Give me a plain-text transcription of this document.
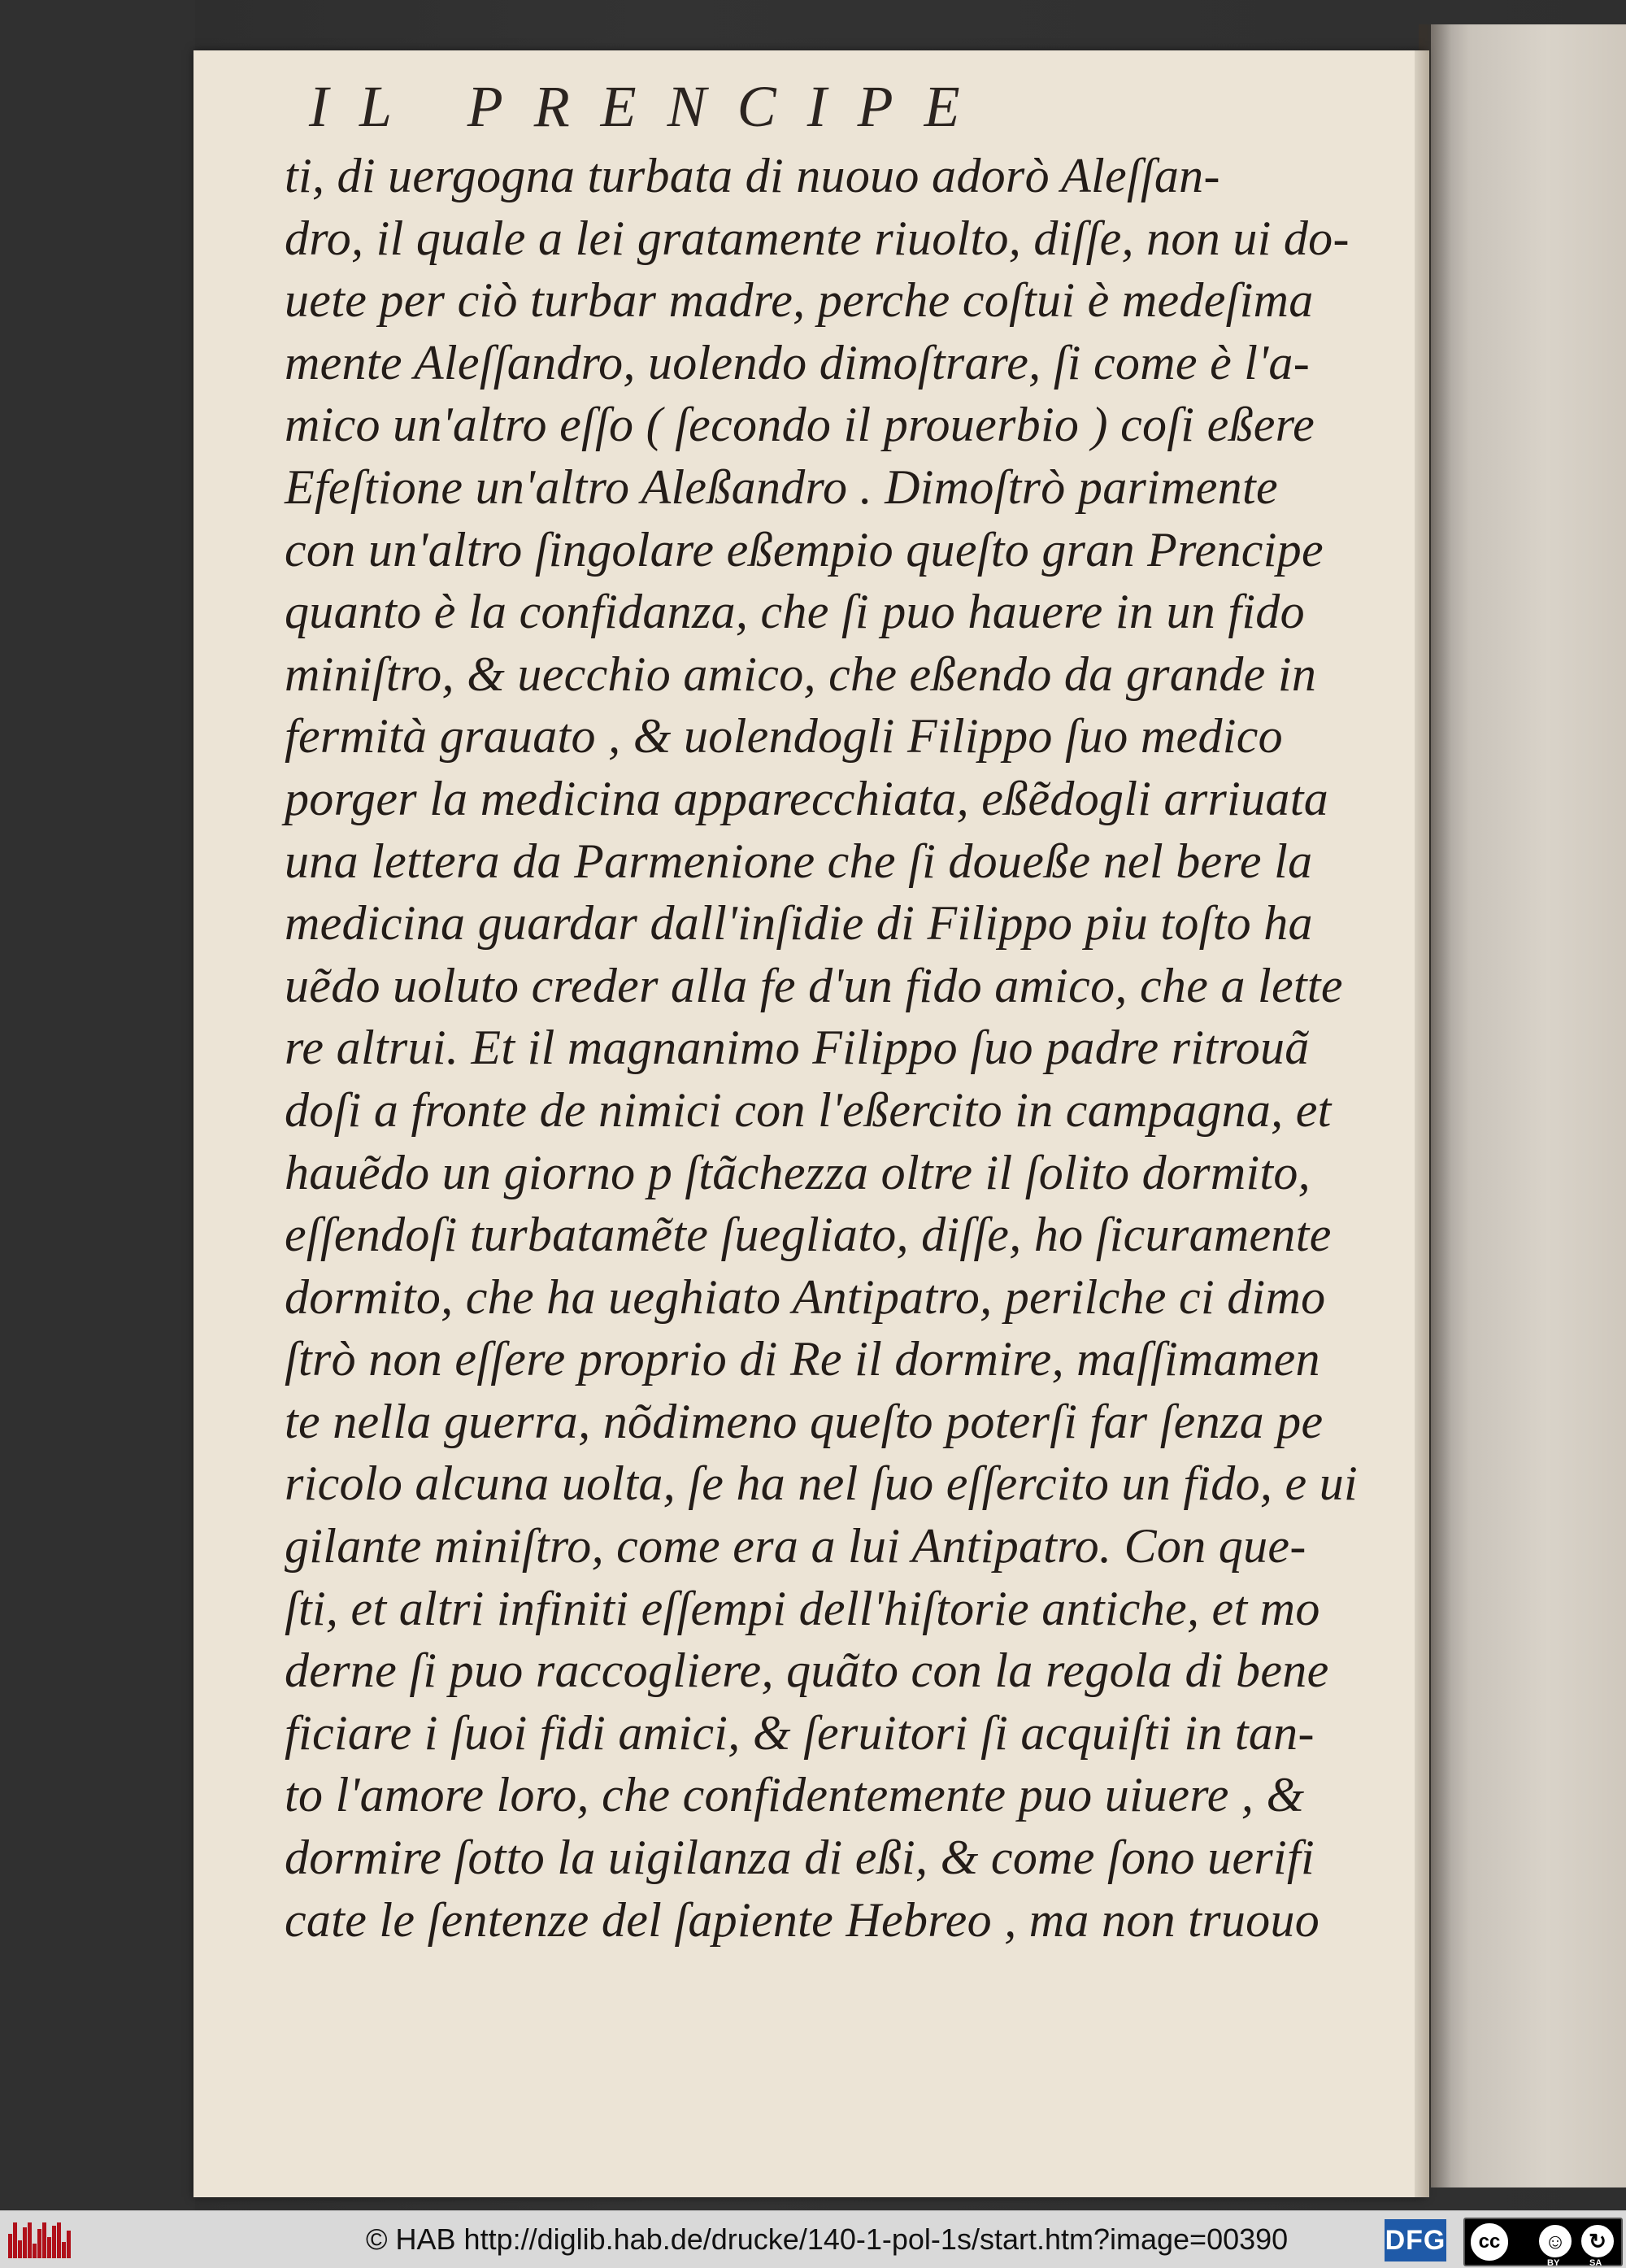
IL PRENCIPE
ti, di uergogna turbata di nuouo adorò Aleſſan-
dro, il quale a lei gratamente riuolto, diſſe, non ui do-
uete per ciò turbar madre, perche coſtui è medeſima
mente Aleſſandro, uolendo dimoſtrare, ſi come è l'a-
mico un'altro eſſo ( ſecondo il prouerbio ) coſi eßere
Efeſtione un'altro Aleßandro . Dimoſtrò parimente
con un'altro ſingolare eßempio queſto gran Prencipe
quanto è la confidanza, che ſi puo hauere in un fido
miniſtro, & uecchio amico, che eßendo da grande in
fermità grauato , & uolendogli Filippo ſuo medico
porger la medicina apparecchiata, eßẽdogli arriuata
una lettera da Parmenione che ſi doueße nel bere la
medicina guardar dall'inſidie di Filippo piu toſto ha
uẽdo uoluto creder alla fe d'un fido amico, che a lette
re altrui. Et il magnanimo Filippo ſuo padre ritrouã
doſi a fronte de nimici con l'eßercito in campagna, et
hauẽdo un giorno p ſtãchezza oltre il ſolito dormito,
eſſendoſi turbatamẽte ſuegliato, diſſe, ho ſicuramente
dormito, che ha ueghiato Antipatro, perilche ci dimo
ſtrò non eſſere proprio di Re il dormire, maſſimamen
te nella guerra, nõdimeno queſto poterſi far ſenza pe
ricolo alcuna uolta, ſe ha nel ſuo eſſercito un fido, e ui
gilante miniſtro, come era a lui Antipatro. Con que-
ſti, et altri infiniti eſſempi dell'hiſtorie antiche, et mo
derne ſi puo raccogliere, quãto con la regola di bene
ficiare i ſuoi fidi amici, & ſeruitori ſi acquiſti in tan-
to l'amore loro, che confidentemente puo uiuere , &
dormire ſotto la uigilanza di eßi, & come ſono uerifi
cate le ſentenze del ſapiente Hebreo , ma non truouo
© HAB http://diglib.hab.de/drucke/140-1-pol-1s/start.htm?image=00390	DFG	cc	☺	↻
BY	SA
